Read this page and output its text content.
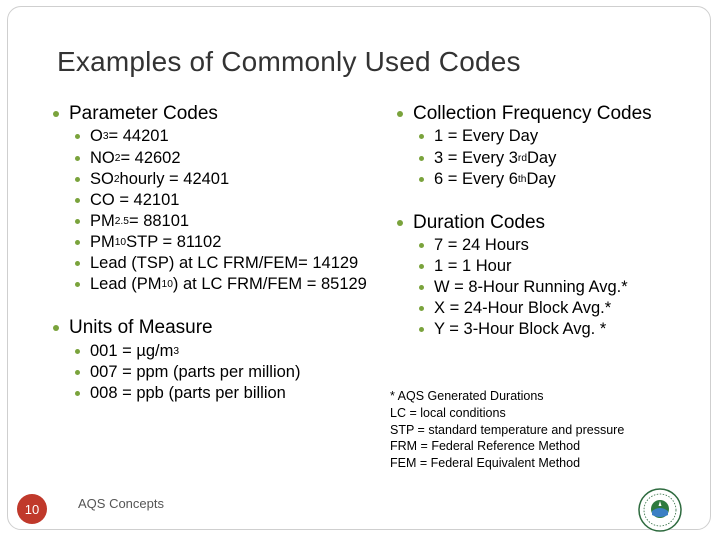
Examples of Commonly Used Codes
Parameter Codes
O 3 = 44201
NO 2 = 42602
SO 2 hourly = 42401
CO = 42101
PM 2.5 = 88101
PM 10 STP = 81102
Lead (TSP) at LC FRM/FEM= 14129
Lead (PM 10 ) at LC FRM/FEM = 85129
Units of Measure
001 = µg/m 3
007 = ppm (parts per million)
008 = ppb (parts per billion
Collection Frequency Codes
1 = Every Day
3 = Every 3 rd Day
6 = Every 6 th Day
Duration Codes
7 = 24 Hours
1 = 1 Hour
W = 8-Hour Running Avg.*
X = 24-Hour Block Avg.*
Y = 3-Hour Block Avg. *
* AQS Generated Durations
LC = local conditions
STP = standard temperature and pressure
FRM = Federal Reference Method
FEM = Federal Equivalent Method
10	AQS Concepts
